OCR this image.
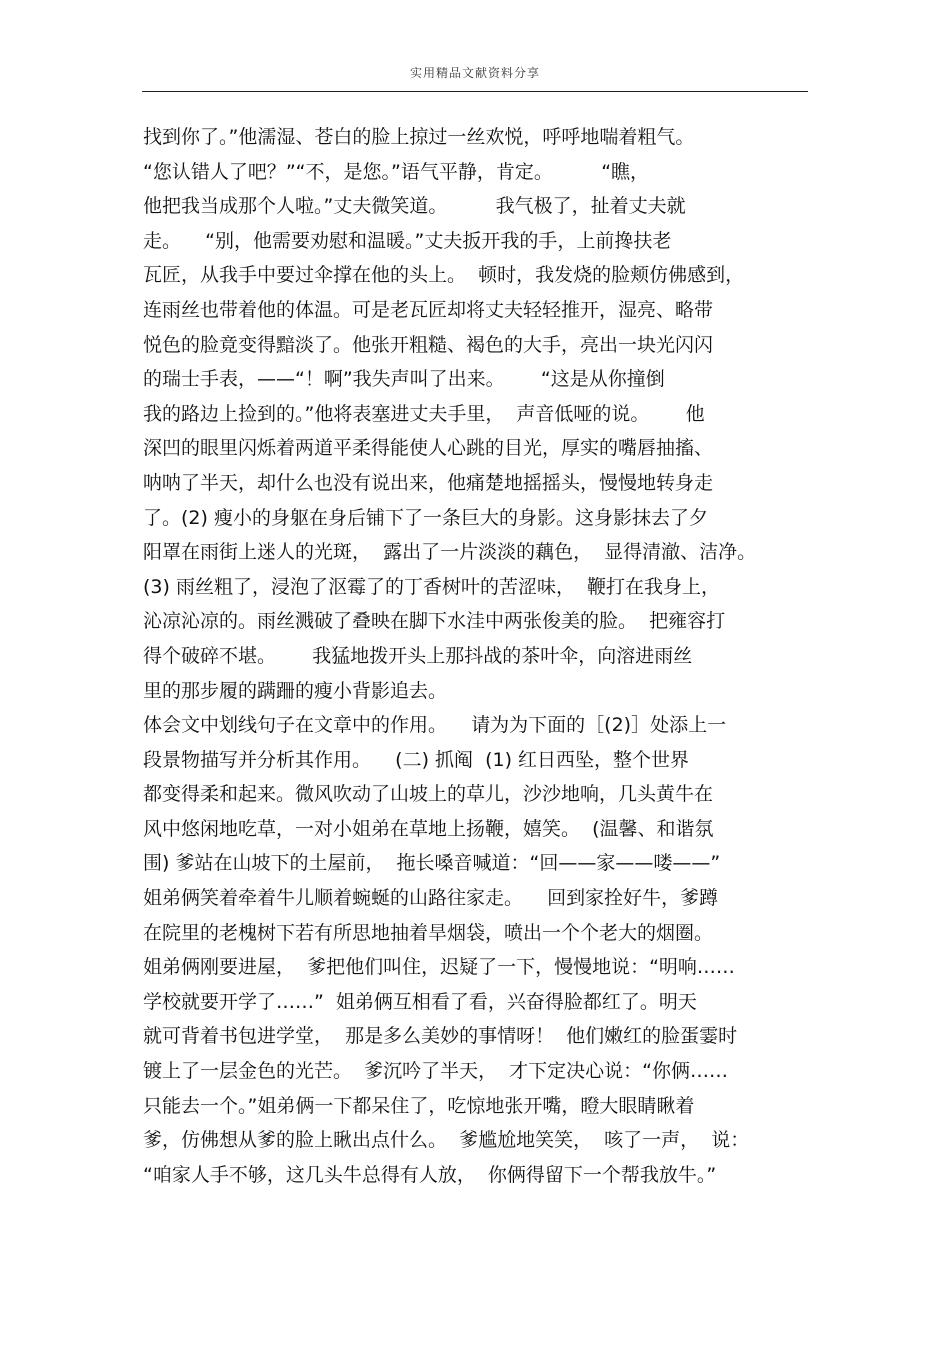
实用精品文献资料分享
找到你了。”他濡湿、苍白的脸上掠过一丝欢悦，呼呼地喘着粗气。
“您认错人了吧？”“不，是您。”语气平静，肯定。        “瞧，
他把我当成那个人啦。”丈夫微笑道。        我气极了，扯着丈夫就
走。    “别，他需要劝慰和温暖。”丈夫扳开我的手，上前搀扶老
瓦匠，从我手中要过伞撑在他的头上。  顿时，我发烧的脸颊仿佛感到，
连雨丝也带着他的体温。可是老瓦匠却将丈夫轻轻推开，湿亮、略带
悦色的脸竟变得黯淡了。他张开粗糙、褐色的大手，亮出一块光闪闪
的瑞士手表，——“！啊”我失声叫了出来。      “这是从你撞倒
我的路边上捡到的。”他将表塞进丈夫手里，  声音低哑的说。      他
深凹的眼里闪烁着两道平柔得能使人心跳的目光，厚实的嘴唇抽搐、
呐呐了半天，却什么也没有说出来，他痛楚地摇摇头，慢慢地转身走
了。(2) 瘦小的身躯在身后铺下了一条巨大的身影。这身影抹去了夕
阳罩在雨街上迷人的光斑，  露出了一片淡淡的藕色，  显得清澈、洁净。
(3) 雨丝粗了，浸泡了沤霉了的丁香树叶的苦涩味，  鞭打在我身上，
沁凉沁凉的。雨丝溅破了叠映在脚下水洼中两张俊美的脸。  把雍容打
得个破碎不堪。      我猛地拨开头上那抖战的茶叶伞，向溶进雨丝
里的那步履的蹒跚的瘦小背影追去。
体会文中划线句子在文章中的作用。    请为为下面的［(2)］处添上一
段景物描写并分析其作用。    (二) 抓阄  (1) 红日西坠，整个世界
都变得柔和起来。微风吹动了山坡上的草儿，沙沙地响，几头黄牛在
风中悠闲地吃草，一对小姐弟在草地上扬鞭，嬉笑。  (温馨、和谐氛
围) 爹站在山坡下的土屋前，  拖长嗓音喊道：“回——家——喽——”
姐弟俩笑着牵着牛儿顺着蜿蜒的山路往家走。    回到家拴好牛，爹蹲
在院里的老槐树下若有所思地抽着旱烟袋，喷出一个个老大的烟圈。
姐弟俩刚要进屋，  爹把他们叫住，迟疑了一下，慢慢地说：“明响……
学校就要开学了……”  姐弟俩互相看了看，兴奋得脸都红了。明天
就可背着书包进学堂，  那是多么美妙的事情呀！  他们嫩红的脸蛋霎时
镀上了一层金色的光芒。  爹沉吟了半天，  才下定决心说：“你俩……
只能去一个。”姐弟俩一下都呆住了，吃惊地张开嘴，瞪大眼睛瞅着
爹，仿佛想从爹的脸上瞅出点什么。  爹尴尬地笑笑，  咳了一声，  说：
“咱家人手不够，这几头牛总得有人放，  你俩得留下一个帮我放牛。”
